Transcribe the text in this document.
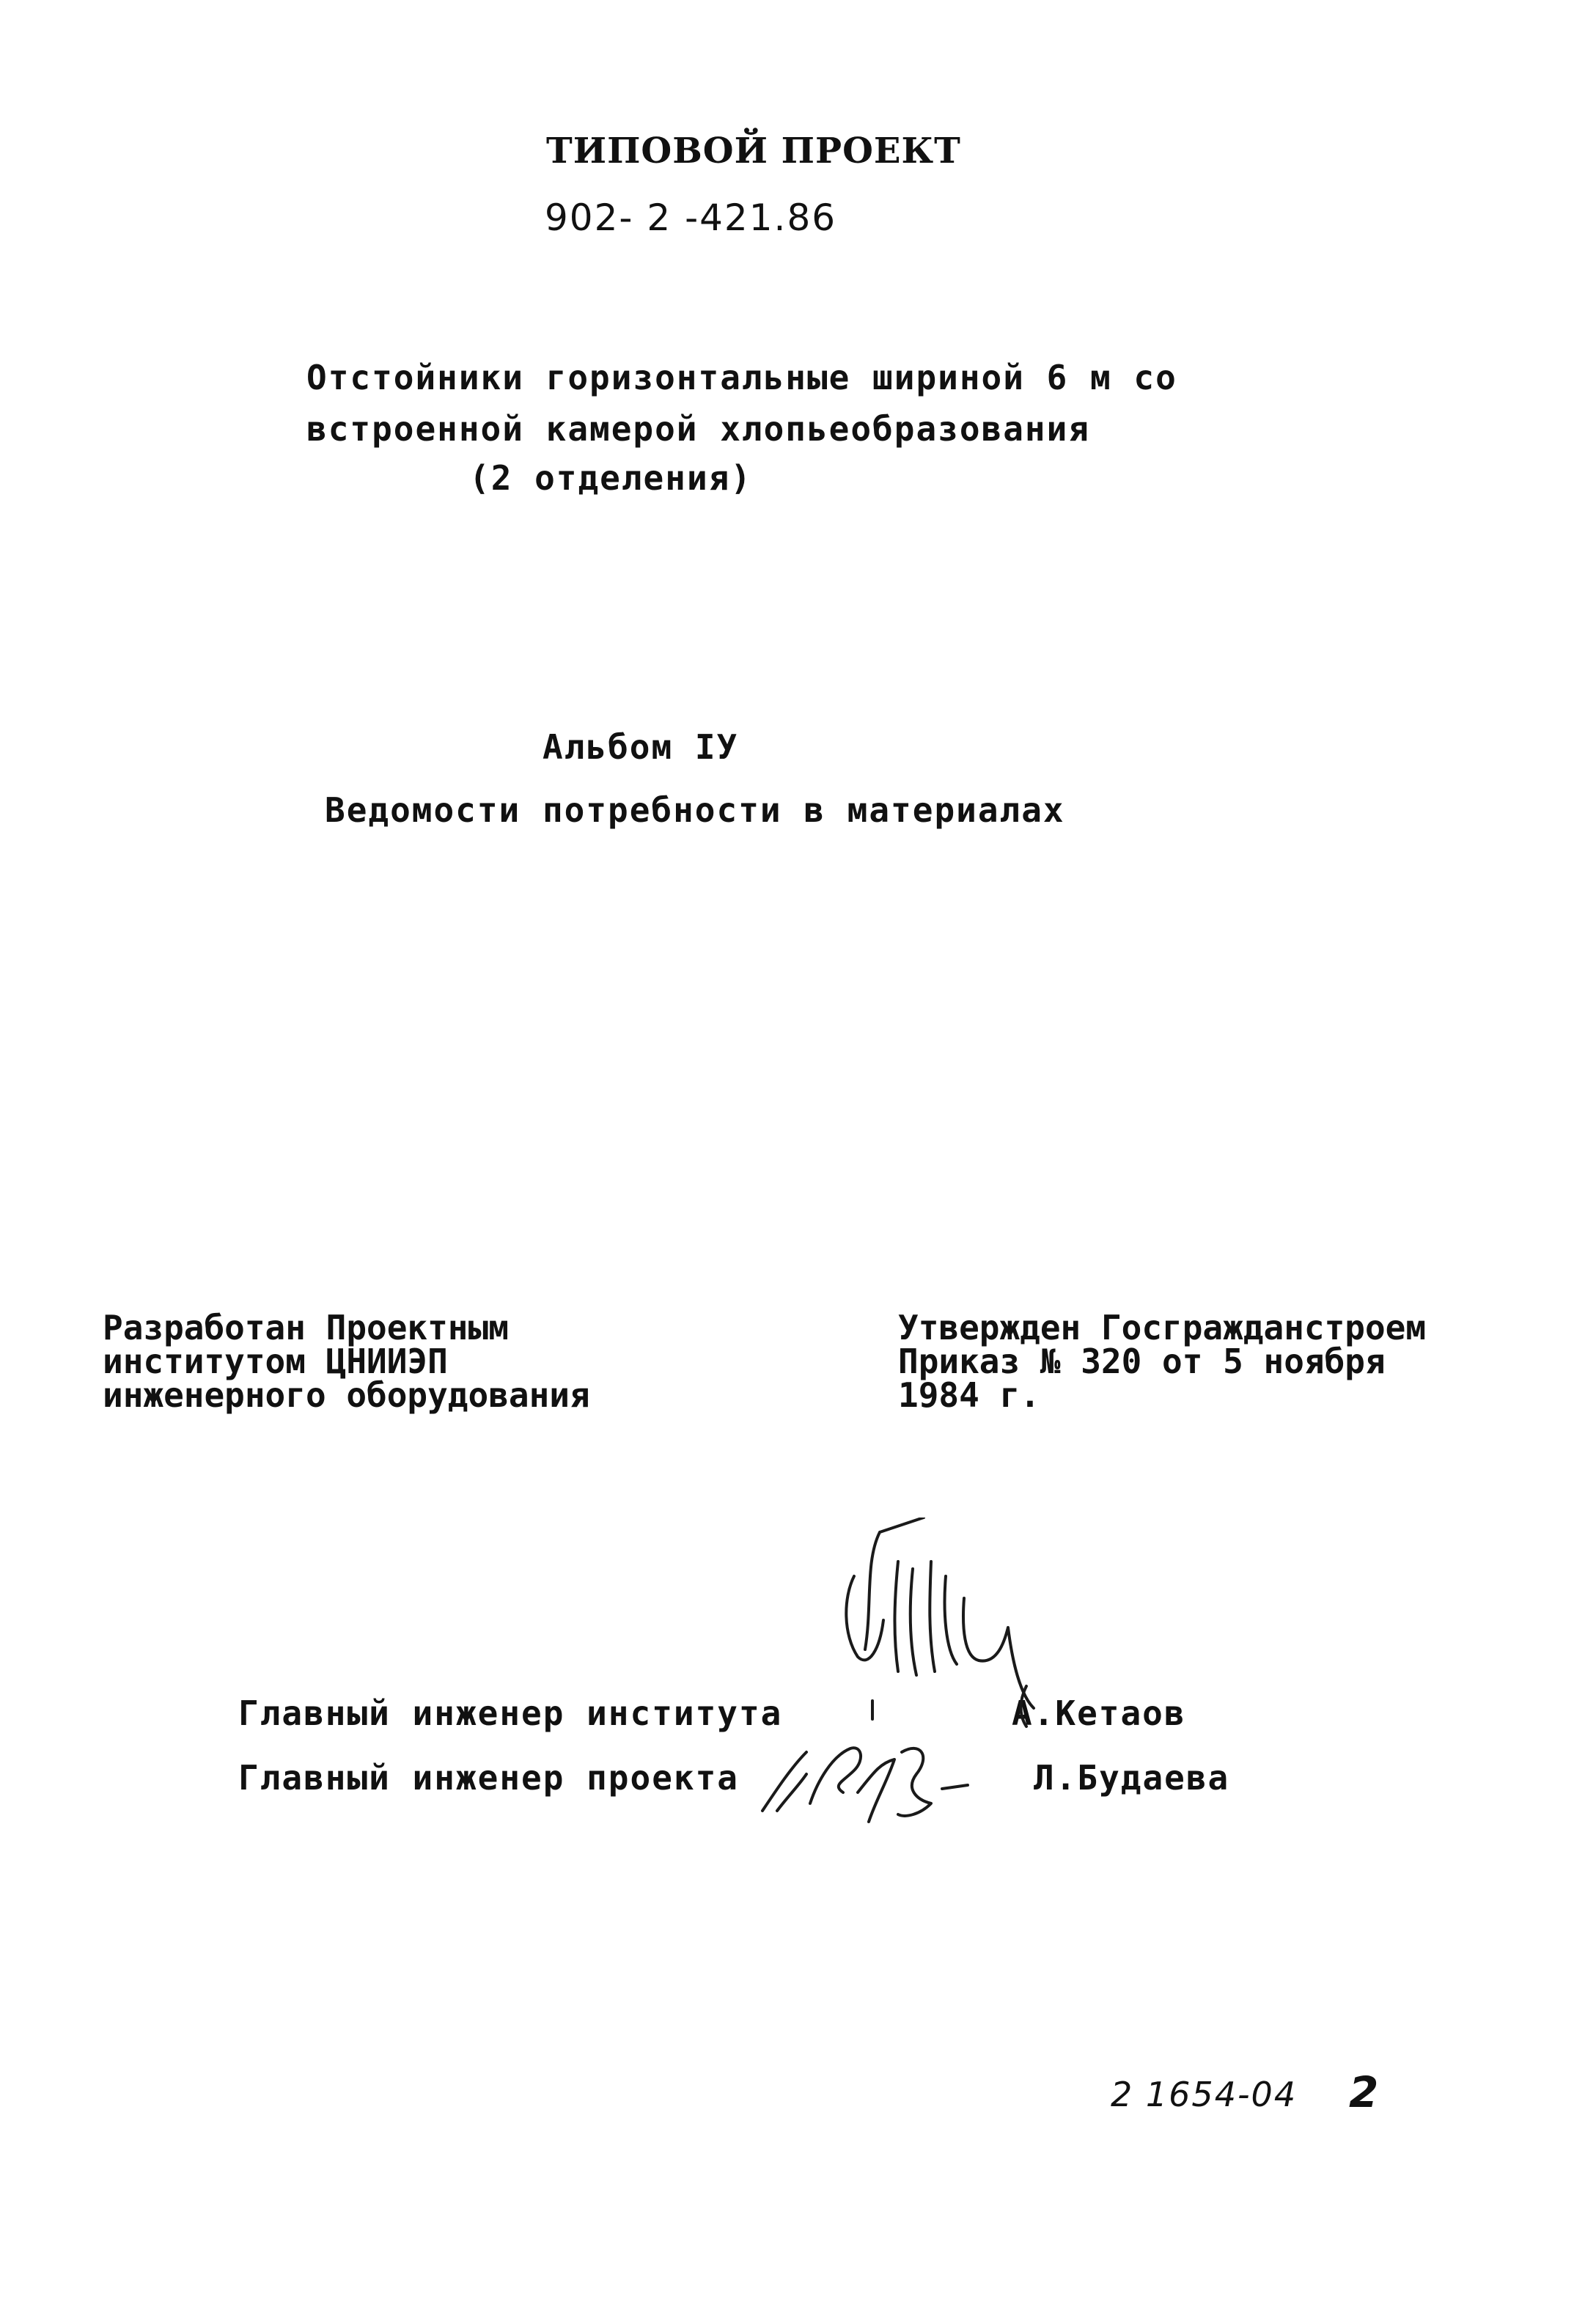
ТИПОВОЙ ПРОЕКТ
902- 2 -421.86
Отстойники горизонтальные шириной 6 м со
встроенной камерой хлопьеобразования
(2 отделения)
Альбом IУ
Ведомости потребности в материалах
Разработан Проектным
институтом ЦНИИЭП
инженерного оборудования
Утвержден Госгражданстроем
Приказ № 320 от 5 ноября
1984 г.
Главный инженер института	А.Кетаов
Главный инженер проекта	Л.Будаева
2 1654-04 2
